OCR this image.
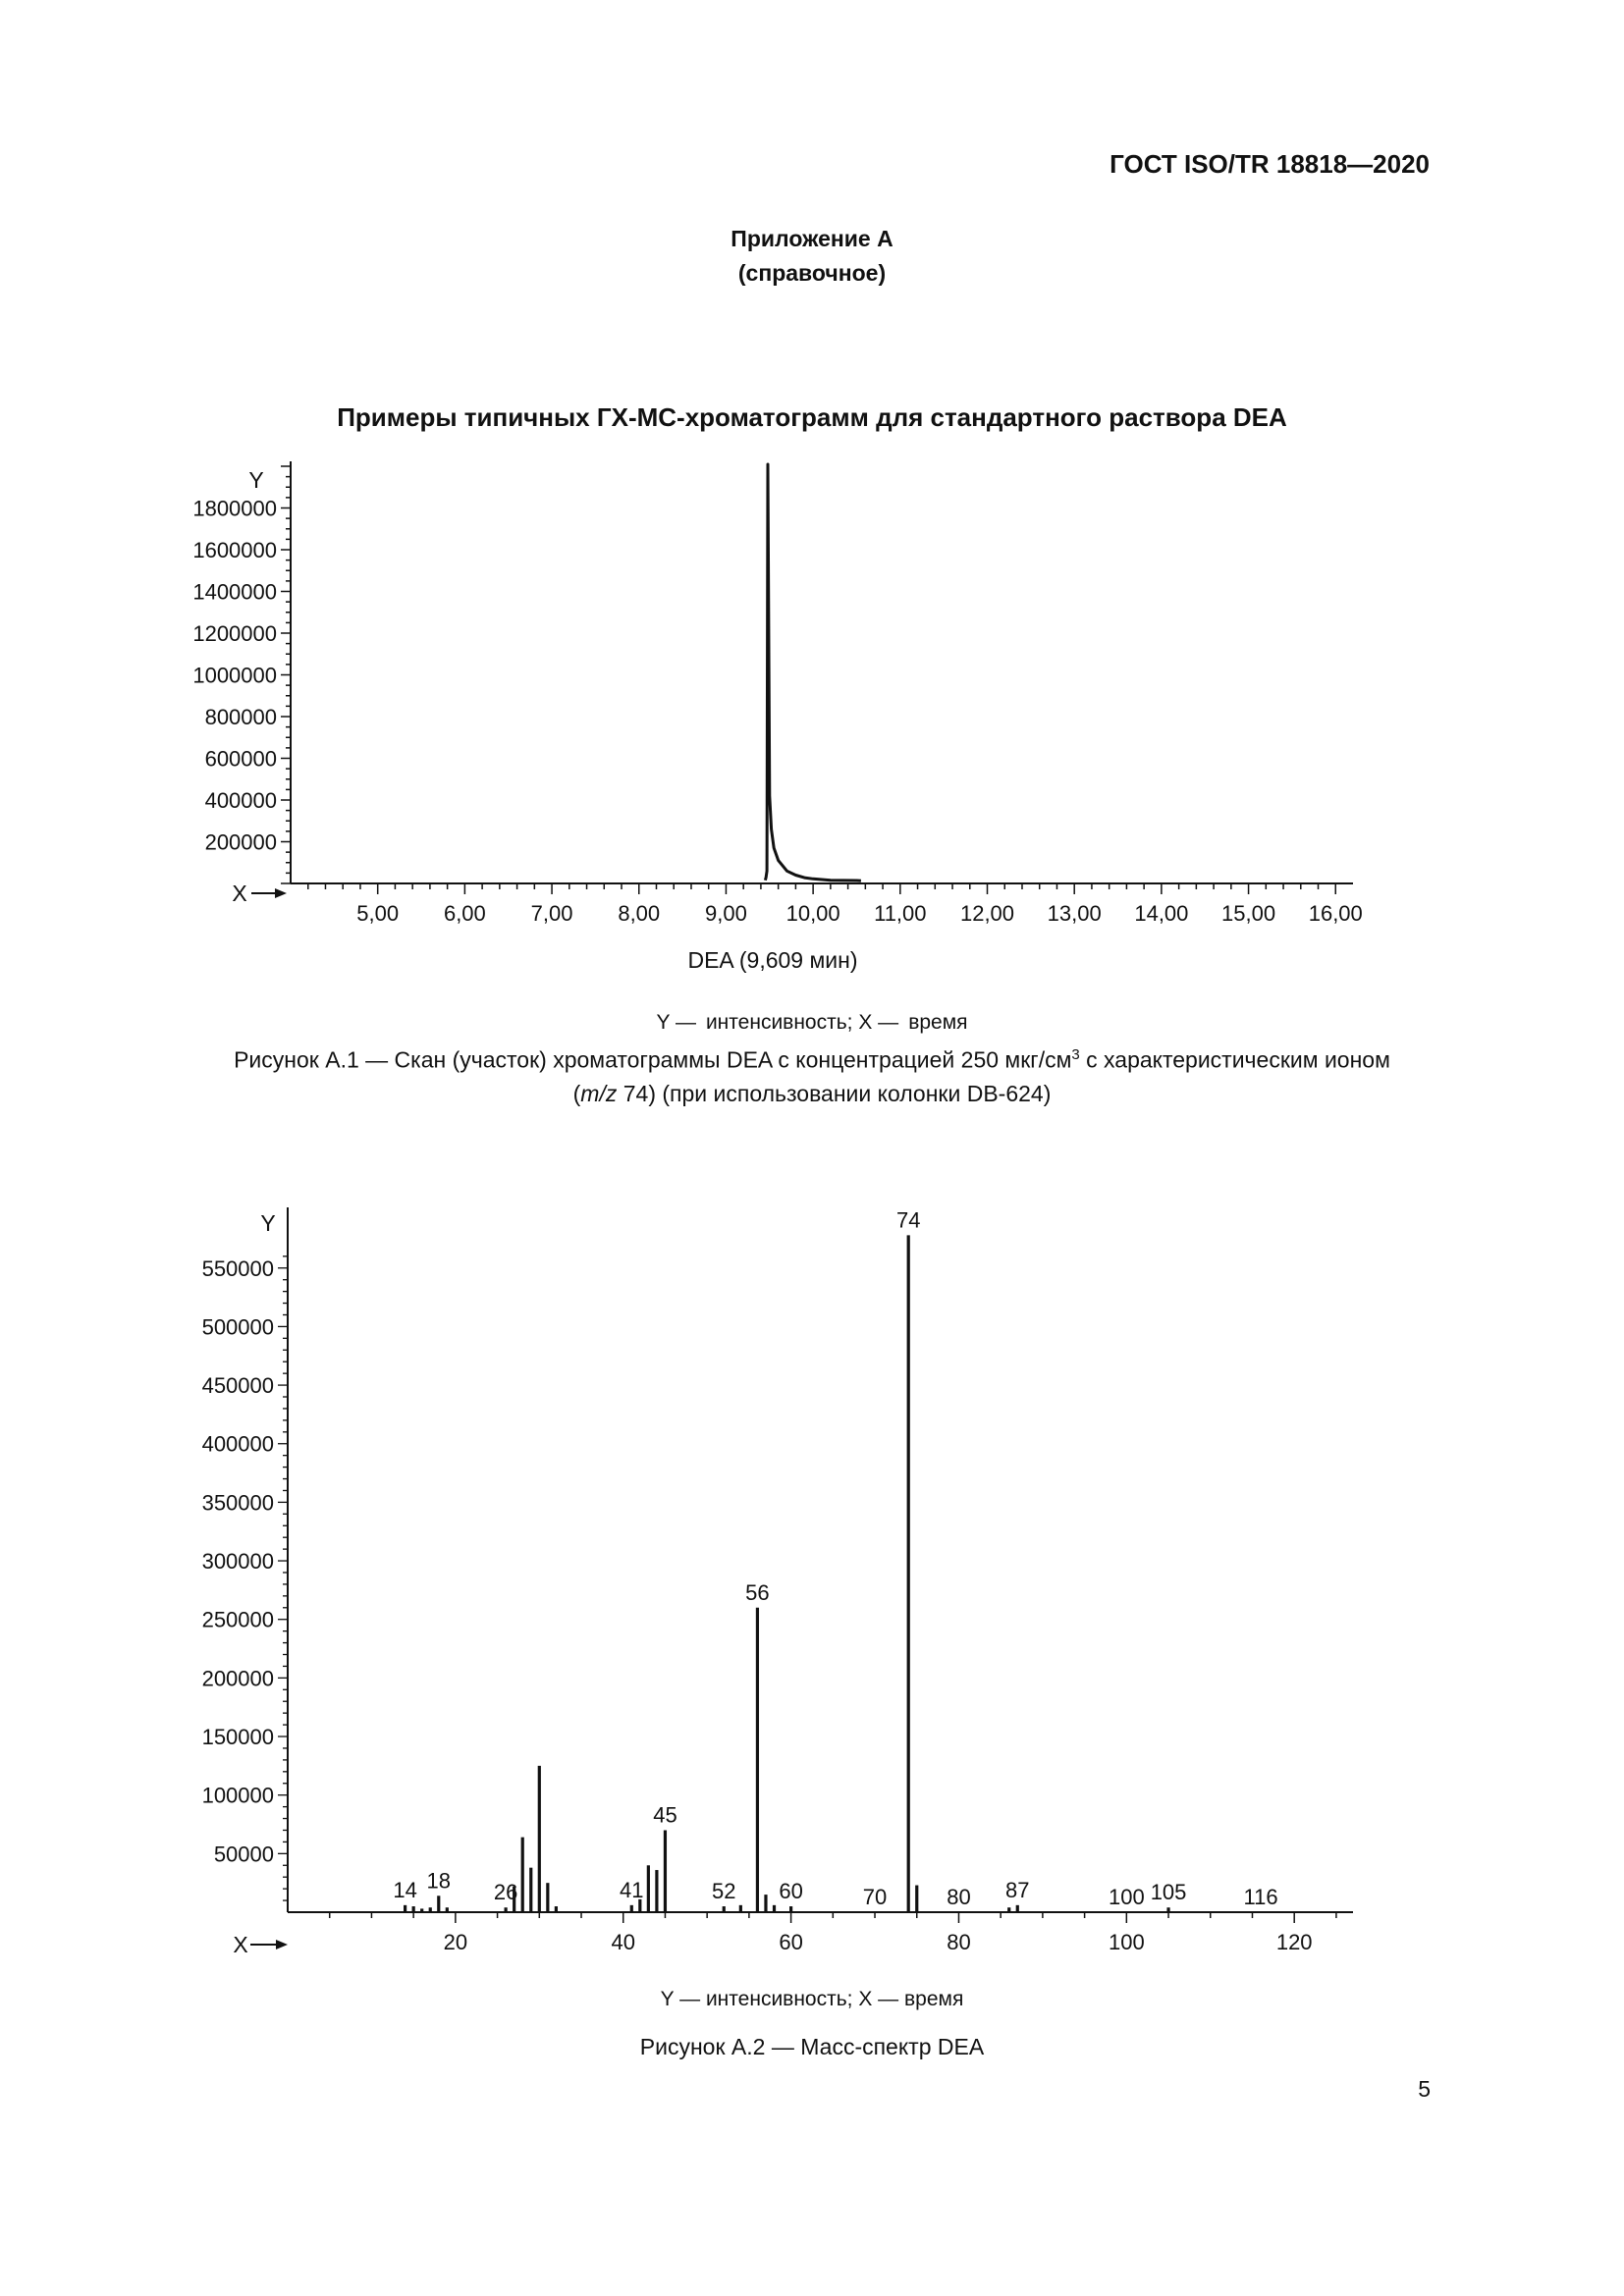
ГОСТ ISO/TR 18818—2020
Приложение А
(справочное)
Примеры типичных ГХ-МС-хроматограмм для стандартного раствора DEA
Y
X
200000
400000
600000
800000
1000000
1200000
1400000
1600000
1800000
5,00 6,00 7,00 8,00 9,00 10,00 11,00 12,00 13,00 14,00 15,00 16,00
DEA (9,609 мин)
Y — интенсивность; X — время
Рисунок А.1 — Скан (участок) хроматограммы DEA с концентрацией 250 мкг/$см^3$ с характеристическим ионом
(m/z 74) (при использовании колонки DB-624)
Y
X
50000
100000
150000
200000
250000
300000
350000
400000
450000
500000
550000
20	40	60	80	100	120
14 18 26	41
45
52
56
60	70
74
80 87	100 105	116
Y — интенсивность; X — время
Рисунок А.2 — Масс-спектр DEA
5
